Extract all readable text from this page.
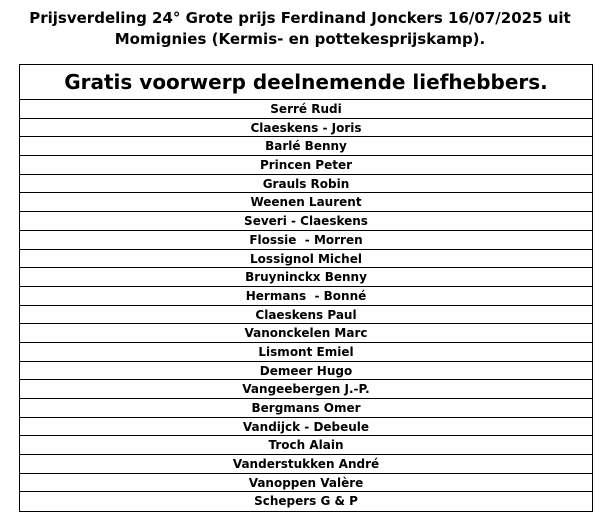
Prijsverdeling 24° Grote prijs Ferdinand Jonckers 16/07/2025 uit
Momignies (Kermis- en pottekesprijskamp).
Gratis voorwerp deelnemende liefhebbers.
Serré Rudi
Claeskens - Joris
Barlé Benny
Princen Peter
Grauls Robin
Weenen Laurent
Severi - Claeskens
Flossie  - Morren
Lossignol Michel
Bruyninckx Benny
Hermans  - Bonné
Claeskens Paul
Vanonckelen Marc
Lismont Emiel
Demeer Hugo
Vangeebergen J.-P.
Bergmans Omer
Vandijck - Debeule
Troch Alain
Vanderstukken André
Vanoppen Valère
Schepers G & P
